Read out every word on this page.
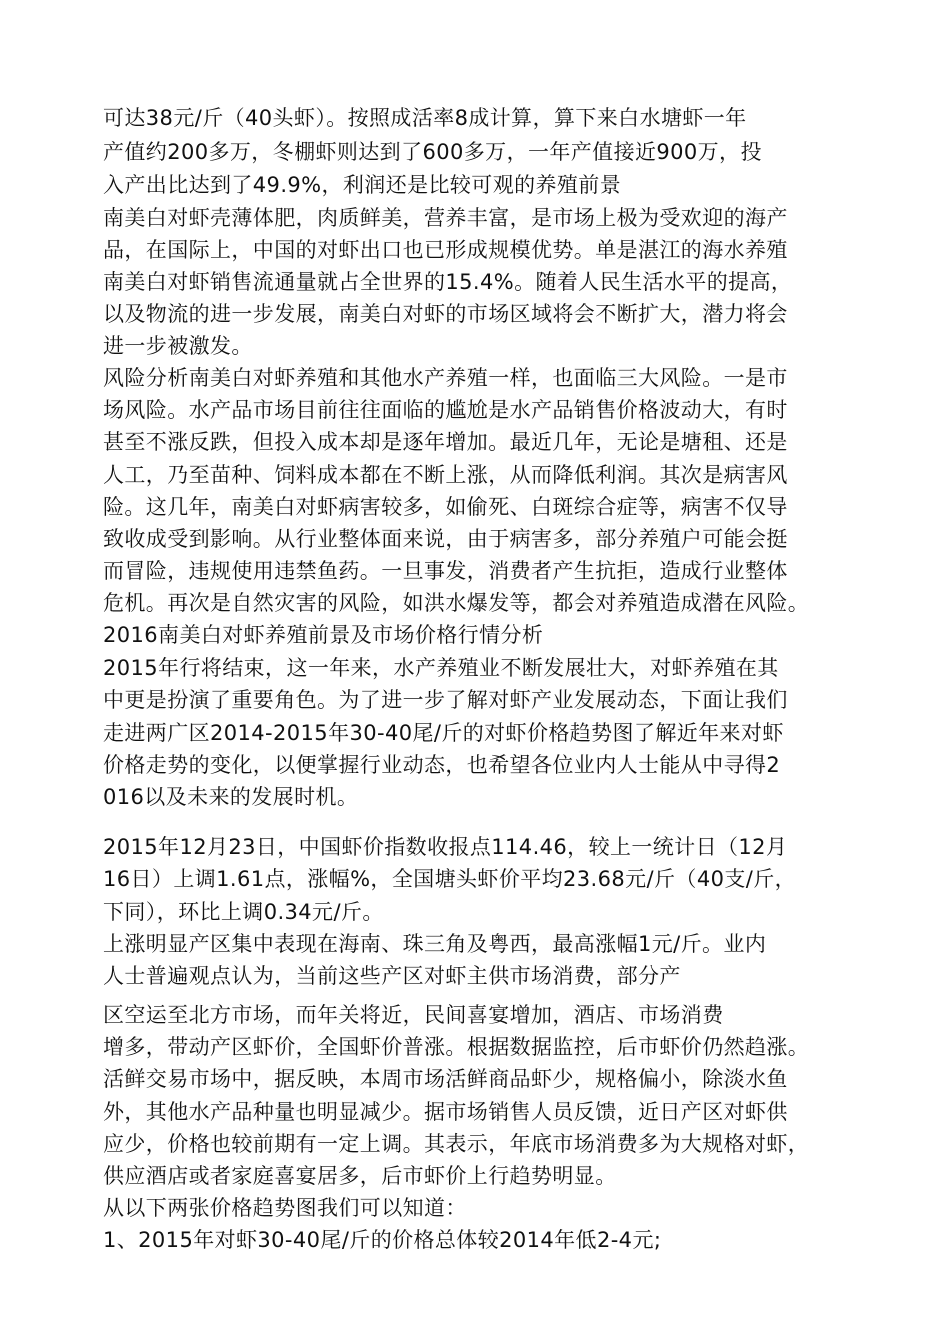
可达38元/斤（40头虾）。按照成活率8成计算，算下来白水塘虾一年
产值约200多万，冬棚虾则达到了600多万，一年产值接近900万，投
入产出比达到了49.9%，利润还是比较可观的养殖前景
南美白对虾壳薄体肥，肉质鲜美，营养丰富，是市场上极为受欢迎的海产
品，在国际上，中国的对虾出口也已形成规模优势。单是湛江的海水养殖
南美白对虾销售流通量就占全世界的15.4%。随着人民生活水平的提高，
以及物流的进一步发展，南美白对虾的市场区域将会不断扩大，潜力将会
进一步被激发。
风险分析南美白对虾养殖和其他水产养殖一样，也面临三大风险。一是市
场风险。水产品市场目前往往面临的尴尬是水产品销售价格波动大，有时
甚至不涨反跌，但投入成本却是逐年增加。最近几年，无论是塘租、还是
人工，乃至苗种、饲料成本都在不断上涨，从而降低利润。其次是病害风
险。这几年，南美白对虾病害较多，如偷死、白斑综合症等，病害不仅导
致收成受到影响。从行业整体面来说，由于病害多，部分养殖户可能会挺
而冒险，违规使用违禁鱼药。一旦事发，消费者产生抗拒，造成行业整体
危机。再次是自然灾害的风险，如洪水爆发等，都会对养殖造成潜在风险。
2016南美白对虾养殖前景及市场价格行情分析
2015年行将结束，这一年来，水产养殖业不断发展壮大，对虾养殖在其
中更是扮演了重要角色。为了进一步了解对虾产业发展动态，下面让我们
走进两广区2014-2015年30-40尾/斤的对虾价格趋势图了解近年来对虾
价格走势的变化，以便掌握行业动态，也希望各位业内人士能从中寻得2
016以及未来的发展时机。
2015年12月23日，中国虾价指数收报点114.46，较上一统计日（12月
16日）上调1.61点，涨幅%，全国塘头虾价平均23.68元/斤（40支/斤，
下同），环比上调0.34元/斤。
上涨明显产区集中表现在海南、珠三角及粤西，最高涨幅1元/斤。业内
人士普遍观点认为，当前这些产区对虾主供市场消费，部分产
区空运至北方市场，而年关将近，民间喜宴增加，酒店、市场消费
增多，带动产区虾价，全国虾价普涨。根据数据监控，后市虾价仍然趋涨。
活鲜交易市场中，据反映，本周市场活鲜商品虾少，规格偏小，除淡水鱼
外，其他水产品种量也明显减少。据市场销售人员反馈，近日产区对虾供
应少，价格也较前期有一定上调。其表示，年底市场消费多为大规格对虾，
供应酒店或者家庭喜宴居多，后市虾价上行趋势明显。
从以下两张价格趋势图我们可以知道：
1、2015年对虾30-40尾/斤的价格总体较2014年低2-4元;
